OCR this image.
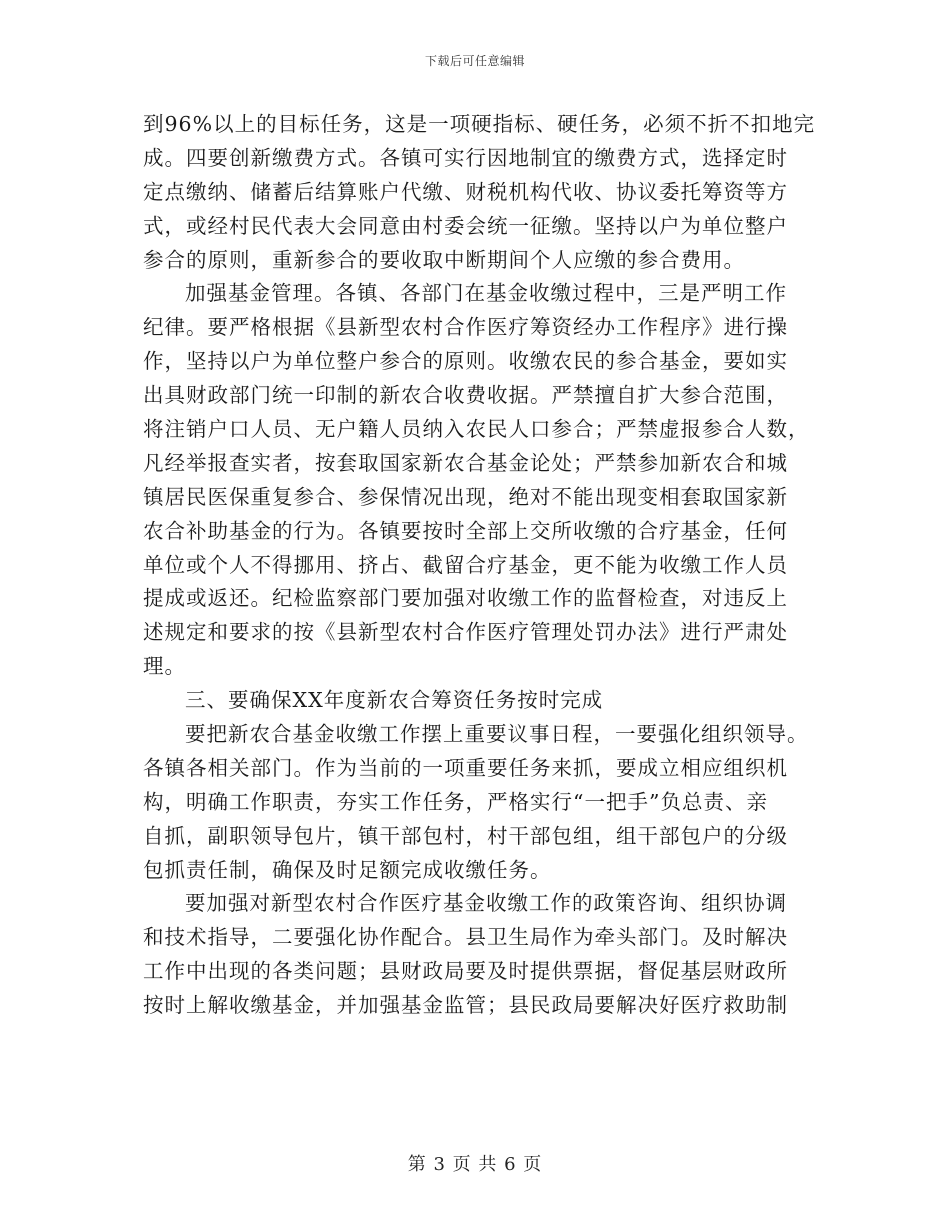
下载后可任意编辑
到96%以上的目标任务，这是一项硬指标、硬任务，必须不折不扣地完
成。四要创新缴费方式。各镇可实行因地制宜的缴费方式，选择定时
定点缴纳、储蓄后结算账户代缴、财税机构代收、协议委托筹资等方
式，或经村民代表大会同意由村委会统一征缴。坚持以户为单位整户
参合的原则，重新参合的要收取中断期间个人应缴的参合费用。
加强基金管理。各镇、各部门在基金收缴过程中，三是严明工作
纪律。要严格根据《县新型农村合作医疗筹资经办工作程序》进行操
作，坚持以户为单位整户参合的原则。收缴农民的参合基金，要如实
出具财政部门统一印制的新农合收费收据。严禁擅自扩大参合范围，
将注销户口人员、无户籍人员纳入农民人口参合；严禁虚报参合人数，
凡经举报查实者，按套取国家新农合基金论处；严禁参加新农合和城
镇居民医保重复参合、参保情况出现，绝对不能出现变相套取国家新
农合补助基金的行为。各镇要按时全部上交所收缴的合疗基金，任何
单位或个人不得挪用、挤占、截留合疗基金，更不能为收缴工作人员
提成或返还。纪检监察部门要加强对收缴工作的监督检查，对违反上
述规定和要求的按《县新型农村合作医疗管理处罚办法》进行严肃处
理。
三、要确保XX年度新农合筹资任务按时完成
要把新农合基金收缴工作摆上重要议事日程，一要强化组织领导。
各镇各相关部门。作为当前的一项重要任务来抓，要成立相应组织机
构，明确工作职责，夯实工作任务，严格实行“一把手”负总责、亲
自抓，副职领导包片，镇干部包村，村干部包组，组干部包户的分级
包抓责任制，确保及时足额完成收缴任务。
要加强对新型农村合作医疗基金收缴工作的政策咨询、组织协调
和技术指导，二要强化协作配合。县卫生局作为牵头部门。及时解决
工作中出现的各类问题；县财政局要及时提供票据，督促基层财政所
按时上解收缴基金，并加强基金监管；县民政局要解决好医疗救助制
第 3 页 共 6 页
